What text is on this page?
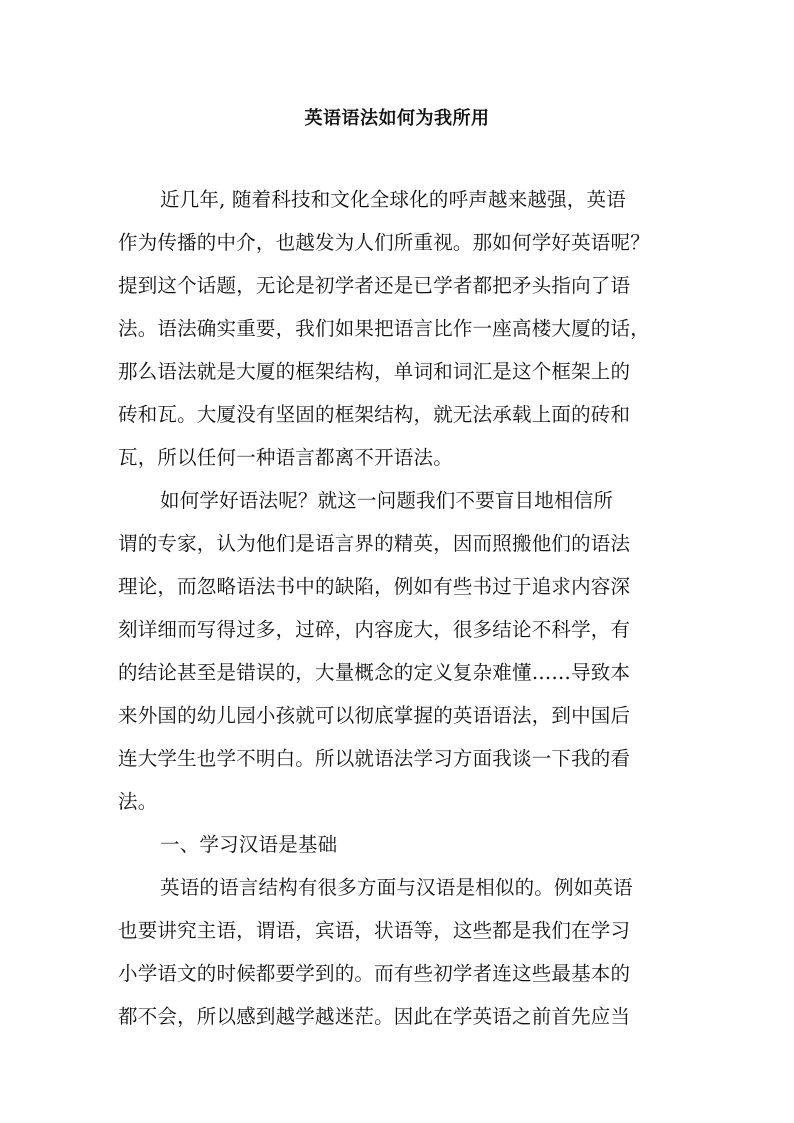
英语语法如何为我所用
近几年, 随着科技和文化全球化的呼声越来越强，英语
作为传播的中介，也越发为人们所重视。那如何学好英语呢？
提到这个话题，无论是初学者还是已学者都把矛头指向了语
法。语法确实重要，我们如果把语言比作一座高楼大厦的话，
那么语法就是大厦的框架结构，单词和词汇是这个框架上的
砖和瓦。大厦没有坚固的框架结构，就无法承载上面的砖和
瓦，所以任何一种语言都离不开语法。
如何学好语法呢？就这一问题我们不要盲目地相信所
谓的专家，认为他们是语言界的精英，因而照搬他们的语法
理论，而忽略语法书中的缺陷，例如有些书过于追求内容深
刻详细而写得过多，过碎，内容庞大，很多结论不科学，有
的结论甚至是错误的，大量概念的定义复杂难懂……导致本
来外国的幼儿园小孩就可以彻底掌握的英语语法，到中国后
连大学生也学不明白。所以就语法学习方面我谈一下我的看
法。
一、学习汉语是基础
英语的语言结构有很多方面与汉语是相似的。例如英语
也要讲究主语，谓语，宾语，状语等，这些都是我们在学习
小学语文的时候都要学到的。而有些初学者连这些最基本的
都不会，所以感到越学越迷茫。因此在学英语之前首先应当
